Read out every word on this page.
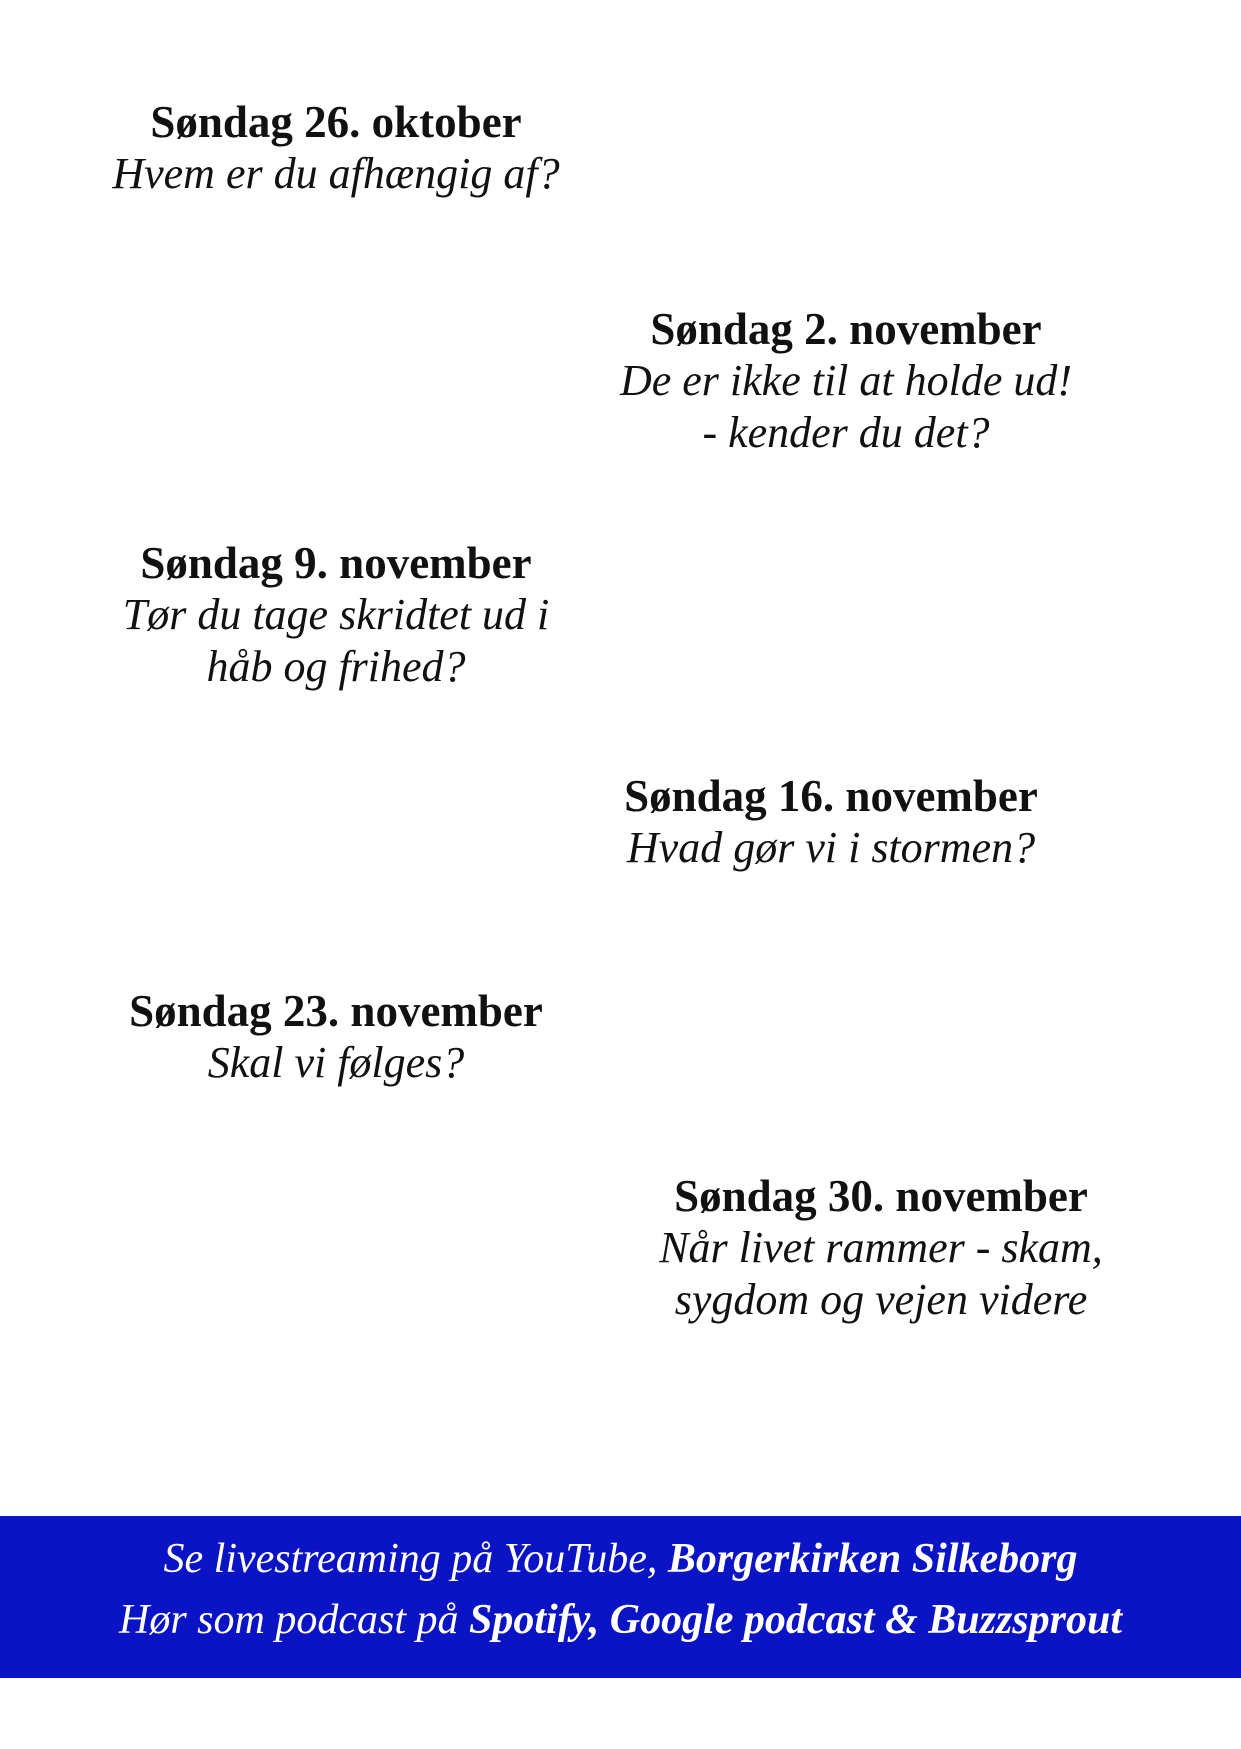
Søndag 26. oktober
Hvem er du afhængig af?
Søndag 2. november
De er ikke til at holde ud!
- kender du det?
Søndag 9. november
Tør du tage skridtet ud i
håb og frihed?
Søndag 16. november
Hvad gør vi i stormen?
Søndag 23. november
Skal vi følges?
Søndag 30. november
Når livet rammer - skam,
sygdom og vejen videre
Se livestreaming på YouTube, Borgerkirken Silkeborg
Hør som podcast på Spotify, Google podcast & Buzzsprout
